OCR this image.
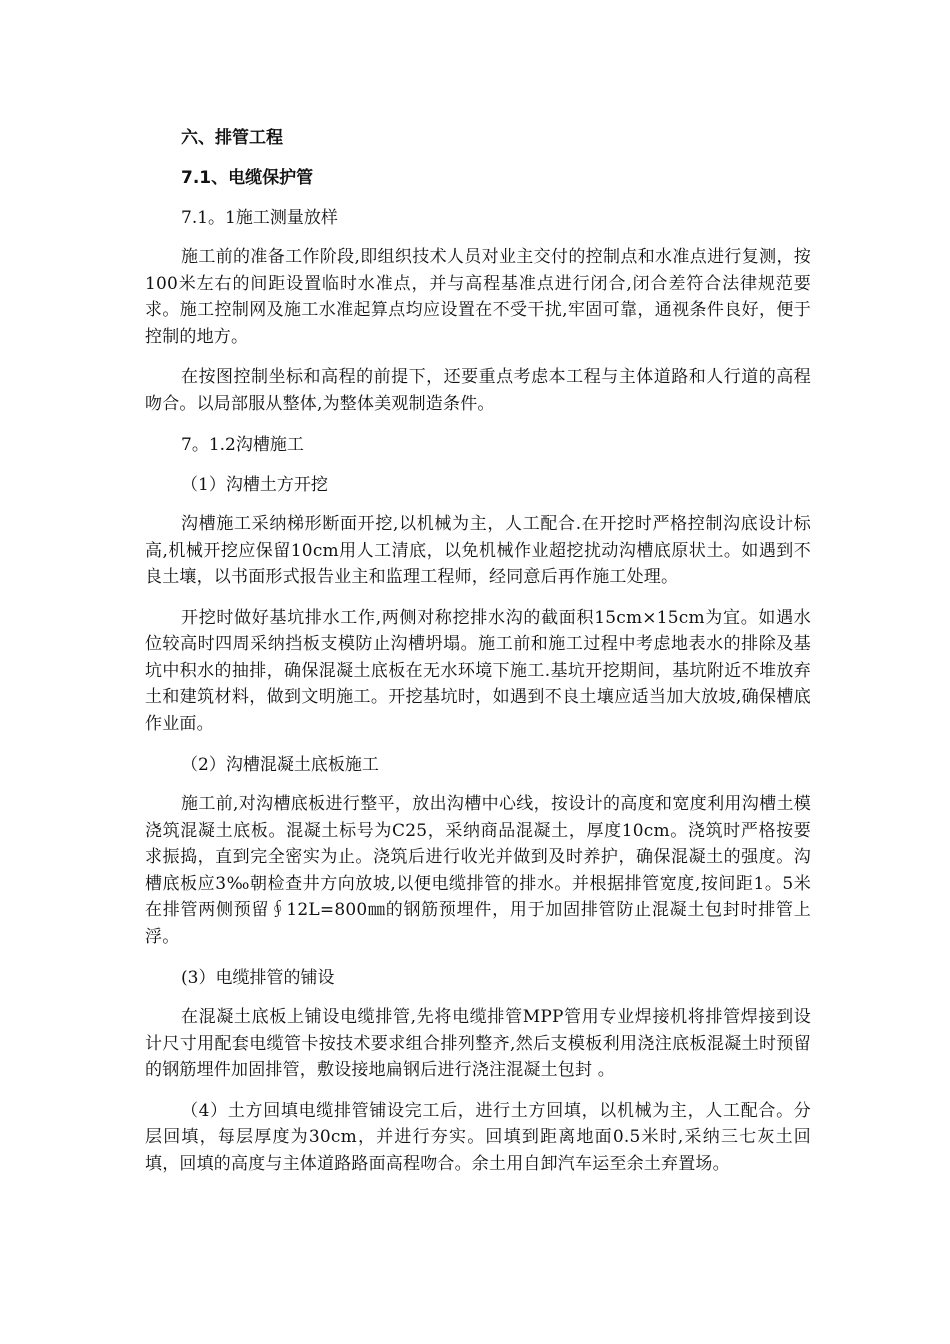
六、排管工程
7.1、电缆保护管
7.1。1施工测量放样

施工前的准备工作阶段,即组织技术人员对业主交付的控制点和水准点进行复测，按100米左右的间距设置临时水准点，并与高程基准点进行闭合,闭合差符合法律规范要求。施工控制网及施工水准起算点均应设置在不受干扰,牢固可靠，通视条件良好，便于控制的地方。

在按图控制坐标和高程的前提下，还要重点考虑本工程与主体道路和人行道的高程吻合。以局部服从整体,为整体美观制造条件。

7。1.2沟槽施工
（1）沟槽土方开挖

沟槽施工采纳梯形断面开挖,以机械为主，人工配合.在开挖时严格控制沟底设计标高,机械开挖应保留10cm用人工清底，以免机械作业超挖扰动沟槽底原状土。如遇到不良土壤，以书面形式报告业主和监理工程师，经同意后再作施工处理。

开挖时做好基坑排水工作,两侧对称挖排水沟的截面积15cm×15cm为宜。如遇水位较高时四周采纳挡板支模防止沟槽坍塌。施工前和施工过程中考虑地表水的排除及基坑中积水的抽排，确保混凝土底板在无水环境下施工.基坑开挖期间，基坑附近不堆放弃土和建筑材料，做到文明施工。开挖基坑时，如遇到不良土壤应适当加大放坡,确保槽底作业面。

（2）沟槽混凝土底板施工

施工前,对沟槽底板进行整平，放出沟槽中心线，按设计的高度和宽度利用沟槽土模浇筑混凝土底板。混凝土标号为C25，采纳商品混凝土，厚度10cm。浇筑时严格按要求振捣，直到完全密实为止。浇筑后进行收光并做到及时养护，确保混凝土的强度。沟槽底板应3‰朝检查井方向放坡,以便电缆排管的排水。并根据排管宽度,按间距1。5米在排管两侧预留∮12L=800㎜的钢筋预埋件，用于加固排管防止混凝土包封时排管上浮。

(3）电缆排管的铺设

在混凝土底板上铺设电缆排管,先将电缆排管MPP管用专业焊接机将排管焊接到设计尺寸用配套电缆管卡按技术要求组合排列整齐,然后支模板利用浇注底板混凝土时预留的钢筋埋件加固排管，敷设接地扁钢后进行浇注混凝土包封 。

（4）土方回填电缆排管铺设完工后，进行土方回填，以机械为主，人工配合。分层回填，每层厚度为30cm，并进行夯实。回填到距离地面0.5米时,采纳三七灰土回填，回填的高度与主体道路路面高程吻合。余土用自卸汽车运至余土弃置场。
